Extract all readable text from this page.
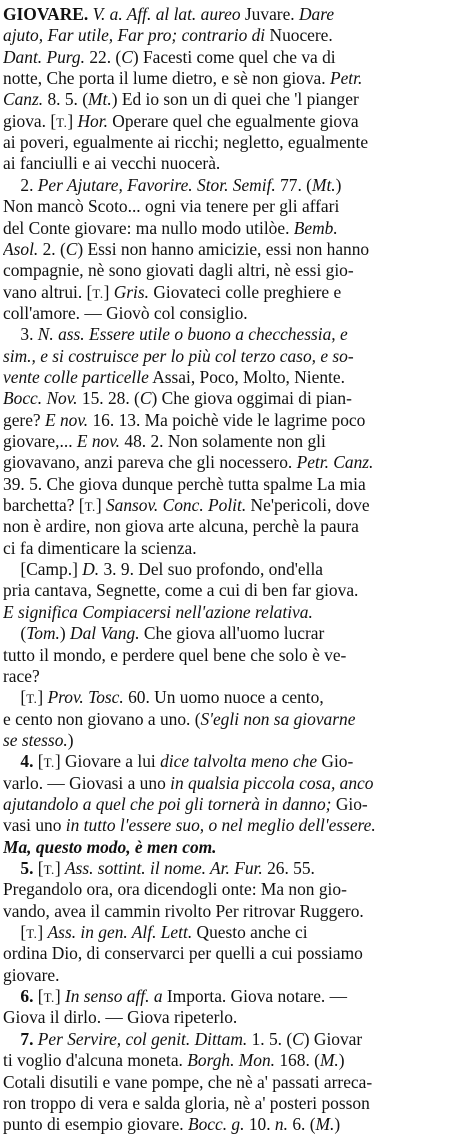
GIOVARE. V. a. Aff. al lat. aureo Juvare. Dare
ajuto, Far utile, Far pro; contrario di Nuocere.
Dant. Purg. 22. (C) Facesti come quel che va di
notte, Che porta il lume dietro, e sè non giova. Petr.
Canz. 8. 5. (Mt.) Ed io son un di quei che 'l pianger
giova. [T.] Hor. Operare quel che egualmente giova
ai poveri, egualmente ai ricchi; negletto, egualmente
ai fanciulli e ai vecchi nuocerà.
2. Per Ajutare, Favorire. Stor. Semif. 77. (Mt.)
Non mancò Scoto... ogni via tenere per gli affari
del Conte giovare: ma nullo modo utilòe. Bemb.
Asol. 2. (C) Essi non hanno amicizie, essi non hanno
compagnie, nè sono giovati dagli altri, nè essi gio-
vano altrui. [T.] Gris. Giovateci colle preghiere e
coll'amore. — Giovò col consiglio.
3. N. ass. Essere utile o buono a checchessia, e
sim., e si costruisce per lo più col terzo caso, e so-
vente colle particelle Assai, Poco, Molto, Niente.
Bocc. Nov. 15. 28. (C) Che giova oggimai di pian-
gere? E nov. 16. 13. Ma poichè vide le lagrime poco
giovare,... E nov. 48. 2. Non solamente non gli
giovavano, anzi pareva che gli nocessero. Petr. Canz.
39. 5. Che giova dunque perchè tutta spalme La mia
barchetta? [T.] Sansov. Conc. Polit. Ne'pericoli, dove
non è ardire, non giova arte alcuna, perchè la paura
ci fa dimenticare la scienza.
[Camp.] D. 3. 9. Del suo profondo, ond'ella
pria cantava, Segnette, come a cui di ben far giova.
E significa Compiacersi nell'azione relativa.
(Tom.) Dal Vang. Che giova all'uomo lucrar
tutto il mondo, e perdere quel bene che solo è ve-
race?
[T.] Prov. Tosc. 60. Un uomo nuoce a cento,
e cento non giovano a uno. (S'egli non sa giovarne
se stesso.)
4. [T.] Giovare a lui dice talvolta meno che Gio-
varlo. — Giovasi a uno in qualsia piccola cosa, anco
ajutandolo a quel che poi gli tornerà in danno; Gio-
vasi uno in tutto l'essere suo, o nel meglio dell'essere.
Ma, questo modo, è men com.
5. [T.] Ass. sottint. il nome. Ar. Fur. 26. 55.
Pregandolo ora, ora dicendogli onte: Ma non gio-
vando, avea il cammin rivolto Per ritrovar Ruggero.
[T.] Ass. in gen. Alf. Lett. Questo anche ci
ordina Dio, di conservarci per quelli a cui possiamo
giovare.
6. [T.] In senso aff. a Importa. Giova notare. —
Giova il dirlo. — Giova ripeterlo.
7. Per Servire, col genit. Dittam. 1. 5. (C) Giovar
ti voglio d'alcuna moneta. Borgh. Mon. 168. (M.)
Cotali disutili e vane pompe, che nè a' passati arreca-
ron troppo di vera e salda gloria, nè a' posteri posson
punto di esempio giovare. Bocc. g. 10. n. 6. (M.)
